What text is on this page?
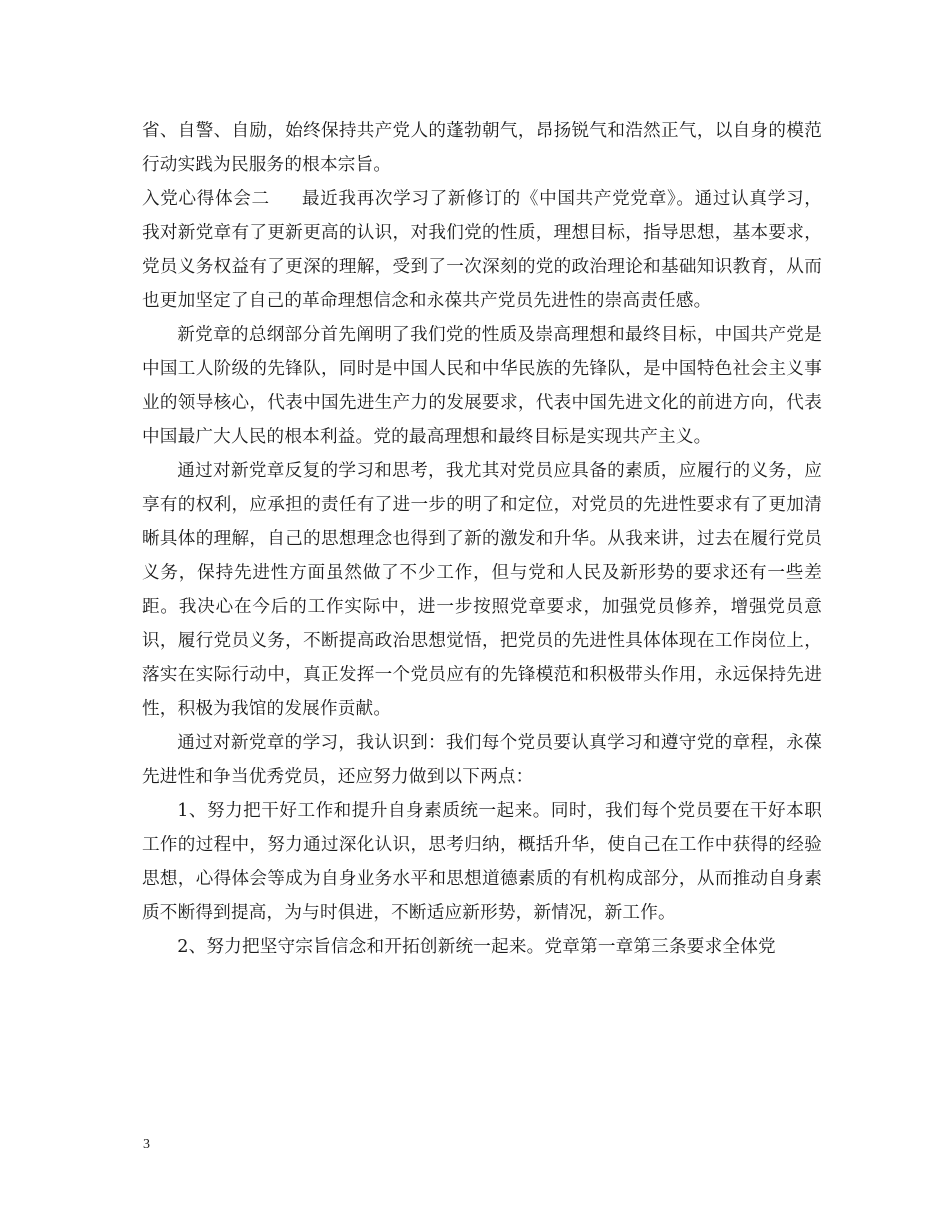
省、自警、自励，始终保持共产党人的蓬勃朝气，昂扬锐气和浩然正气，以自身的模范行动实践为民服务的根本宗旨。

入党心得体会二 最近我再次学习了新修订的《中国共产党党章》。通过认真学习，我对新党章有了更新更高的认识，对我们党的性质，理想目标，指导思想，基本要求，党员义务权益有了更深的理解，受到了一次深刻的党的政治理论和基础知识教育，从而也更加坚定了自己的革命理想信念和永葆共产党员先进性的崇高责任感。

新党章的总纲部分首先阐明了我们党的性质及崇高理想和最终目标，中国共产党是中国工人阶级的先锋队，同时是中国人民和中华民族的先锋队，是中国特色社会主义事业的领导核心，代表中国先进生产力的发展要求，代表中国先进文化的前进方向，代表中国最广大人民的根本利益。党的最高理想和最终目标是实现共产主义。

通过对新党章反复的学习和思考，我尤其对党员应具备的素质，应履行的义务，应享有的权利，应承担的责任有了进一步的明了和定位，对党员的先进性要求有了更加清晰具体的理解，自己的思想理念也得到了新的激发和升华。从我来讲，过去在履行党员义务，保持先进性方面虽然做了不少工作，但与党和人民及新形势的要求还有一些差距。我决心在今后的工作实际中，进一步按照党章要求，加强党员修养，增强党员意识，履行党员义务，不断提高政治思想觉悟，把党员的先进性具体体现在工作岗位上，落实在实际行动中，真正发挥一个党员应有的先锋模范和积极带头作用，永远保持先进性，积极为我馆的发展作贡献。

通过对新党章的学习，我认识到：我们每个党员要认真学习和遵守党的章程，永葆先进性和争当优秀党员，还应努力做到以下两点：

1、努力把干好工作和提升自身素质统一起来。同时，我们每个党员要在干好本职工作的过程中，努力通过深化认识，思考归纳，概括升华，使自己在工作中获得的经验思想，心得体会等成为自身业务水平和思想道德素质的有机构成部分，从而推动自身素质不断得到提高，为与时俱进，不断适应新形势，新情况，新工作。

2、努力把坚守宗旨信念和开拓创新统一起来。党章第一章第三条要求全体党

3
